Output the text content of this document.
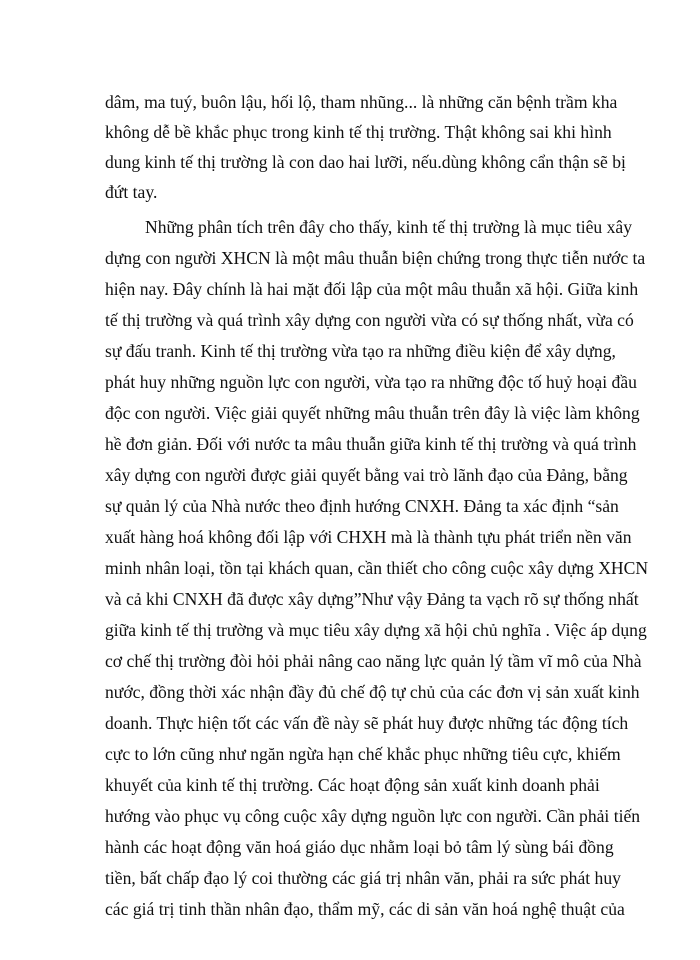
dâm, ma tuý, buôn lậu, hối lộ, tham nhũng... là những căn bệnh trầm kha
không dễ bề khắc phục trong kinh tế thị trường. Thật không sai khi hình
dung kinh tế thị trường là con dao hai lưỡi, nếu.dùng không cẩn thận sẽ bị
đứt tay.
Những phân tích trên đây cho thấy, kinh tế thị trường là mục tiêu xây
dựng con người XHCN là một mâu thuẫn biện chứng trong thực tiễn nước ta
hiện nay. Đây chính là hai mặt đối lập của một mâu thuẫn xã hội. Giữa kinh
tế thị trường và quá trình xây dựng con người vừa có sự thống nhất, vừa có
sự đấu tranh. Kinh tế thị trường vừa tạo ra những điều kiện để xây dựng,
phát huy những nguồn lực con người, vừa tạo ra những độc tố huỷ hoại đầu
độc con người. Việc giải quyết những mâu thuẫn trên đây là việc làm không
hề đơn giản. Đối với nước ta mâu thuẫn giữa kinh tế thị trường và quá trình
xây dựng con người được giải quyết bằng vai trò lãnh đạo của Đảng, bằng
sự quản lý của Nhà nước theo định hướng CNXH. Đảng ta xác định “sản
xuất hàng hoá không đối lập với CHXH mà là thành tựu phát triển nền văn
minh nhân loại, tồn tại khách quan, cần thiết cho công cuộc xây dựng XHCN
và cả khi CNXH đã được xây dựng”Như vậy Đảng ta vạch rõ sự thống nhất
giữa kinh tế thị trường và mục tiêu xây dựng xã hội chủ nghĩa . Việc áp dụng
cơ chế thị trường đòi hỏi phải nâng cao năng lực quản lý tầm vĩ mô của Nhà
nước, đồng thời xác nhận đầy đủ chế độ tự chủ của các đơn vị sản xuất kinh
doanh. Thực hiện tốt các vấn đề này sẽ phát huy được những tác động tích
cực to lớn cũng như ngăn ngừa hạn chế khắc phục những tiêu cực, khiếm
khuyết của kinh tế thị trường. Các hoạt động sản xuất kinh doanh phải
hướng vào phục vụ công cuộc xây dựng nguồn lực con người. Cần phải tiến
hành các hoạt động văn hoá giáo dục nhằm loại bỏ tâm lý sùng bái đồng
tiền, bất chấp đạo lý coi thường các giá trị nhân văn, phải ra sức phát huy
các giá trị tinh thần nhân đạo, thẩm mỹ, các di sản văn hoá nghệ thuật của
